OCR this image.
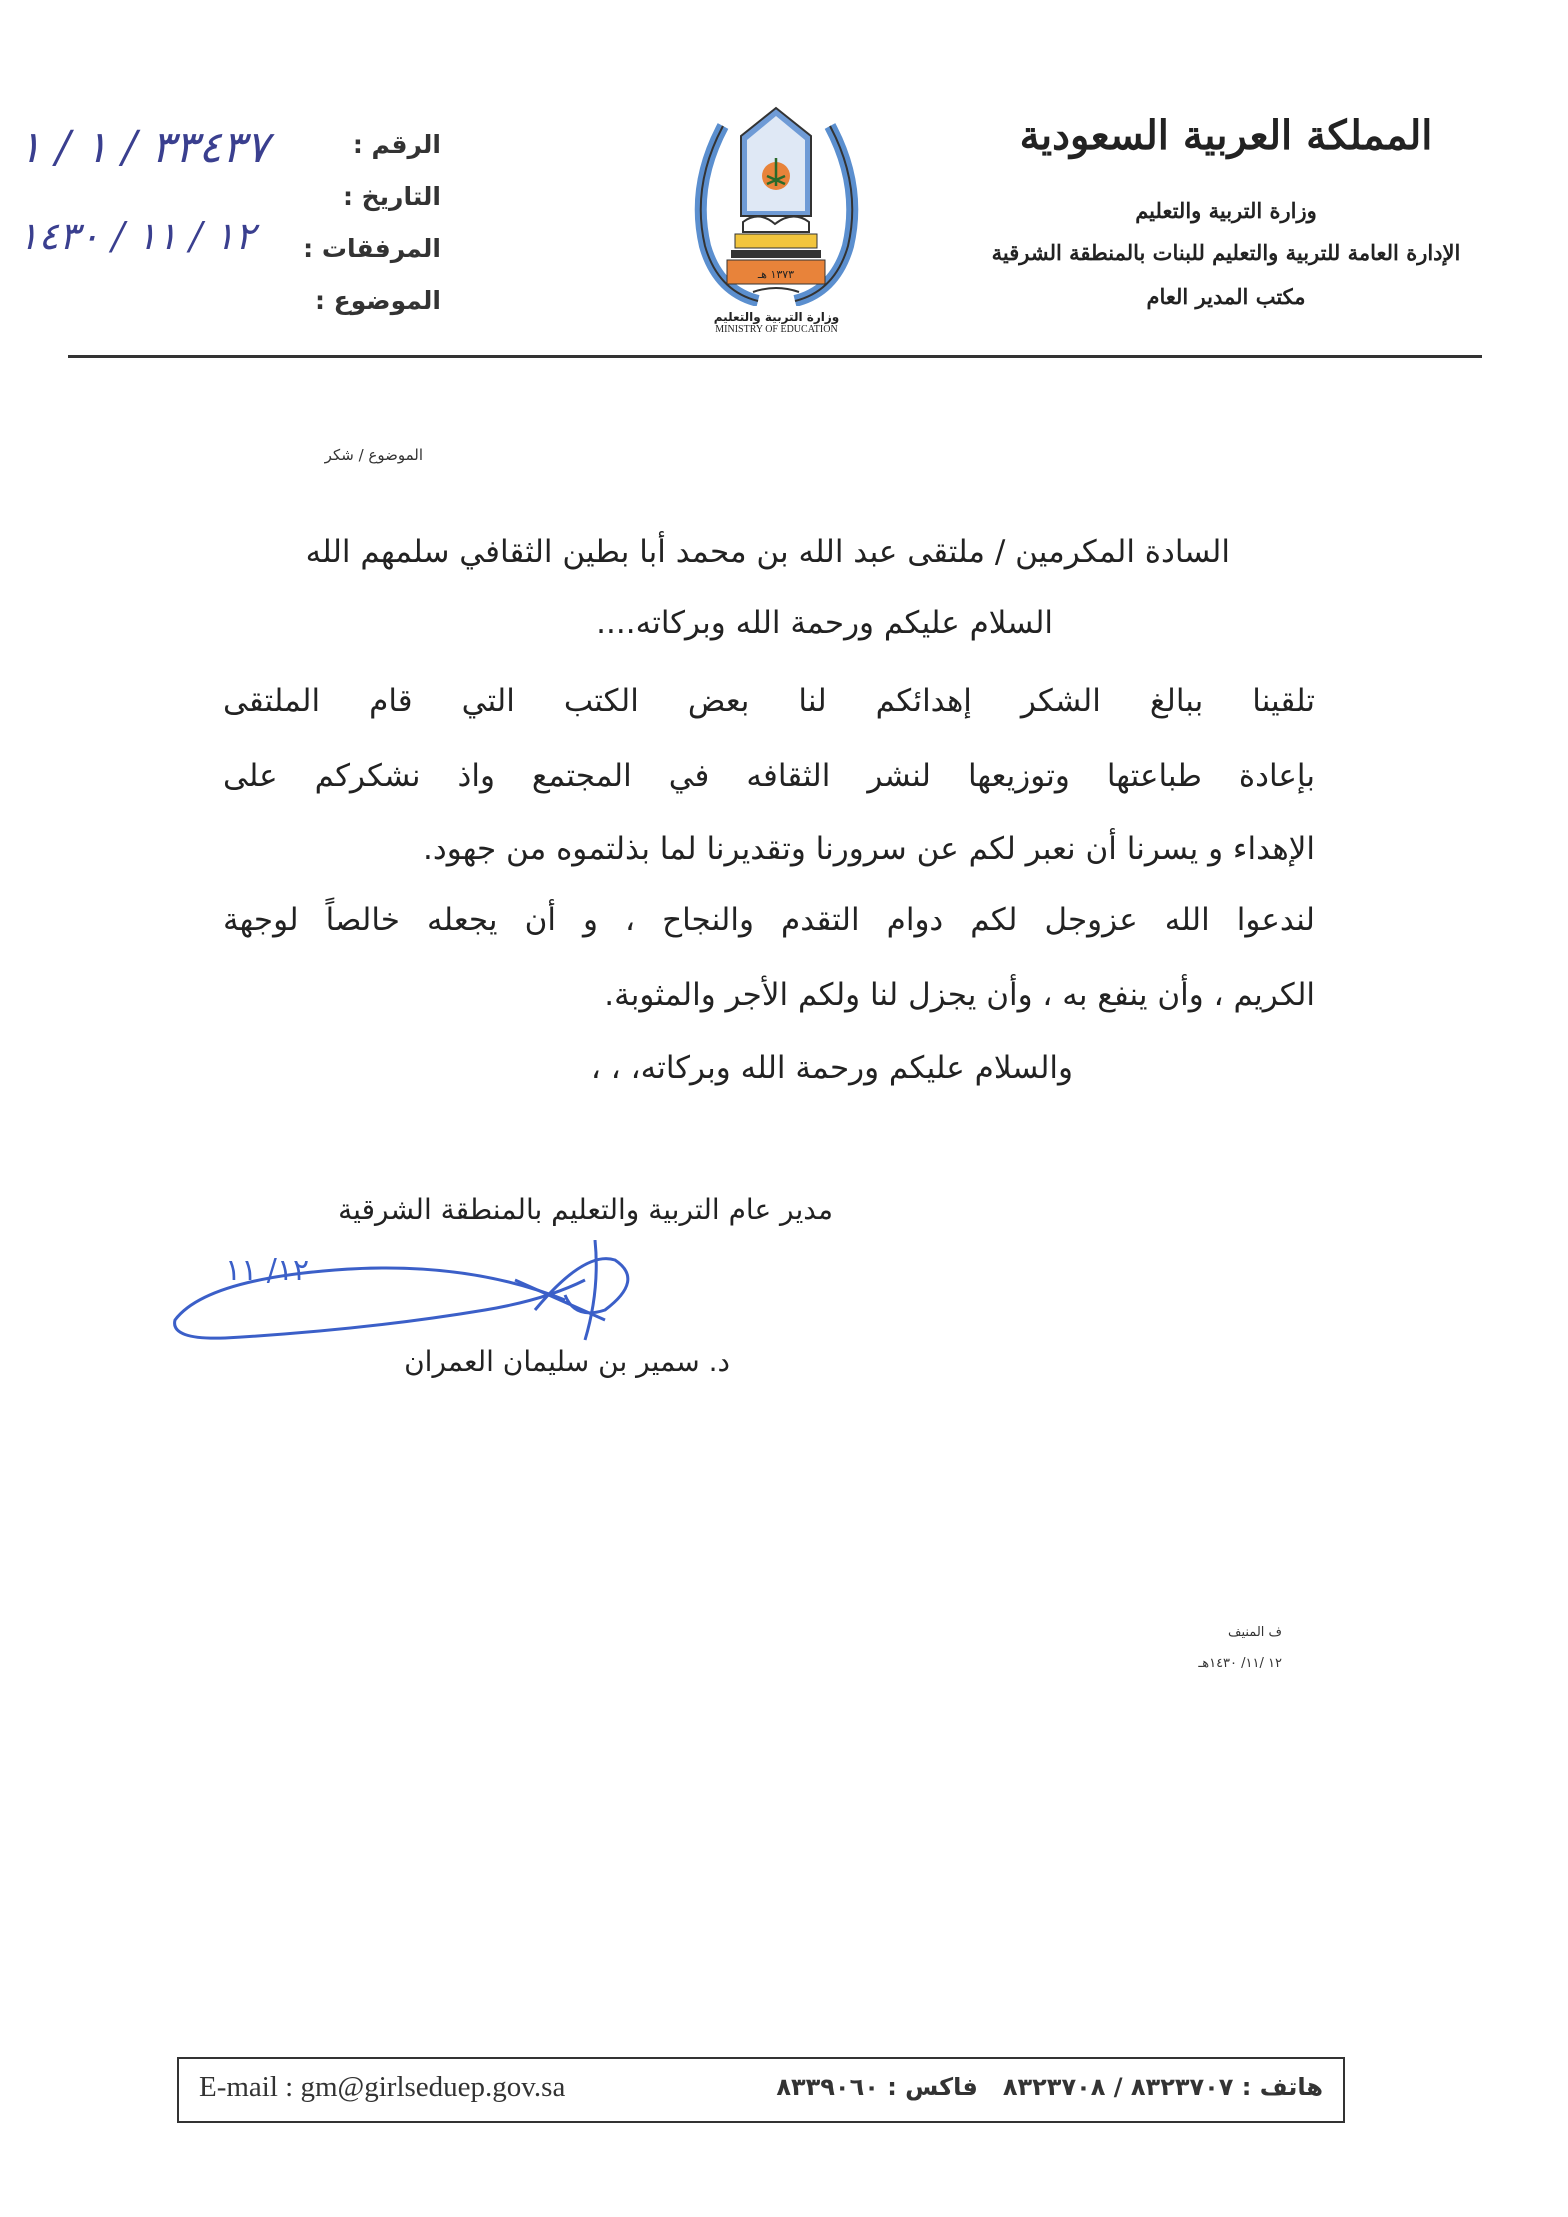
الرقم :
التاريخ :
المرفقات :
الموضوع :
٣٣٤٣٧ / ١ / ١
١٢ / ١١ / ١٤٣٠
١٣٧٣ هـ
وزارة التربية والتعليم
MINISTRY OF EDUCATION
المملكة العربية السعودية
وزارة التربية والتعليم
الإدارة العامة للتربية والتعليم للبنات بالمنطقة الشرقية
مكتب المدير العام
الموضوع / شكر
السادة المكرمين / ملتقى عبد الله بن محمد أبا بطين الثقافي سلمهم الله
السلام عليكم ورحمة الله وبركاته....
تلقينا ببالغ الشكر إهدائكم لنا بعض الكتب التي قام الملتقى
بإعادة طباعتها وتوزيعها لنشر الثقافه في المجتمع واذ نشكركم على
الإهداء و يسرنا أن نعبر لكم عن سرورنا وتقديرنا لما بذلتموه من جهود.
لندعوا الله عزوجل لكم دوام التقدم والنجاح ، و أن يجعله خالصاً لوجهة
الكريم ، وأن ينفع به ، وأن يجزل لنا ولكم الأجر والمثوبة.
والسلام عليكم ورحمة الله وبركاته، ، ،
مدير عام التربية والتعليم بالمنطقة الشرقية
١٢/ ١١
د. سمير بن سليمان العمران
ف المنيف
١٢ /١١/ ١٤٣٠هـ
E-mail : gm@girlseduep.gov.sa	هاتف : ٨٣٢٣٧٠٧ / ٨٣٢٣٧٠٨   فاكس : ٨٣٣٩٠٦٠
